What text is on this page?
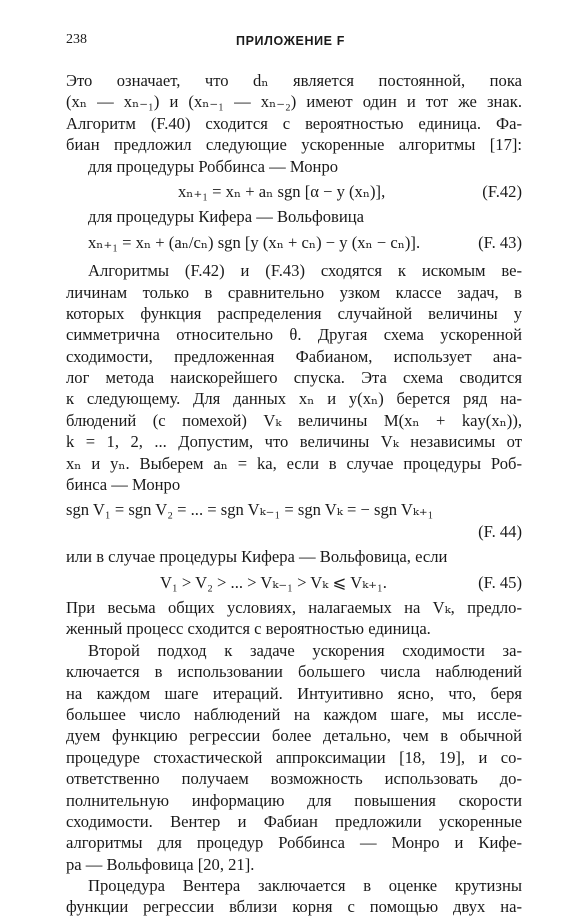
238	ПРИЛОЖЕНИЕ F
Это означает, что dₙ является постоянной, пока
(xₙ — xₙ₋₁) и (xₙ₋₁ — xₙ₋₂) имеют один и тот же знак.
Алгоритм (F.40) сходится с вероятностью единица. Фа-
биан предложил следующие ускоренные алгоритмы [17]:
для процедуры Роббинса — Монро
xₙ₊₁ = xₙ + aₙ sgn [α − y (xₙ)],	(F.42)
для процедуры Кифера — Вольфовица
xₙ₊₁ = xₙ + (aₙ/cₙ) sgn [y (xₙ + cₙ) − y (xₙ − cₙ)].	(F. 43)
Алгоритмы (F.42) и (F.43) сходятся к искомым ве-
личинам только в сравнительно узком классе задач, в
которых функция распределения случайной величины y
симметрична относительно θ. Другая схема ускоренной
сходимости, предложенная Фабианом, использует ана-
лог метода наискорейшего спуска. Эта схема сводится
к следующему. Для данных xₙ и y(xₙ) берется ряд на-
блюдений (с помехой) Vₖ величины M(xₙ + kay(xₙ)),
k = 1, 2, ... Допустим, что величины Vₖ независимы от
xₙ и yₙ. Выберем aₙ = ka, если в случае процедуры Роб-
бинса — Монро
sgn V₁ = sgn V₂ = ... = sgn Vₖ₋₁ = sgn Vₖ = − sgn Vₖ₊₁
(F. 44)
или в случае процедуры Кифера — Вольфовица, если
V₁ > V₂ > ... > Vₖ₋₁ > Vₖ ⩽ Vₖ₊₁.	(F. 45)
При весьма общих условиях, налагаемых на Vₖ, предло-
женный процесс сходится с вероятностью единица.
Второй подход к задаче ускорения сходимости за-
ключается в использовании большего числа наблюдений
на каждом шаге итераций. Интуитивно ясно, что, беря
большее число наблюдений на каждом шаге, мы иссле-
дуем функцию регрессии более детально, чем в обычной
процедуре стохастической аппроксимации [18, 19], и со-
ответственно получаем возможность использовать до-
полнительную информацию для повышения скорости
сходимости. Вентер и Фабиан предложили ускоренные
алгоритмы для процедур Роббинса — Монро и Кифе-
ра — Вольфовица [20, 21].
Процедура Вентера заключается в оценке крутизны
функции регрессии вблизи корня с помощью двух на-
